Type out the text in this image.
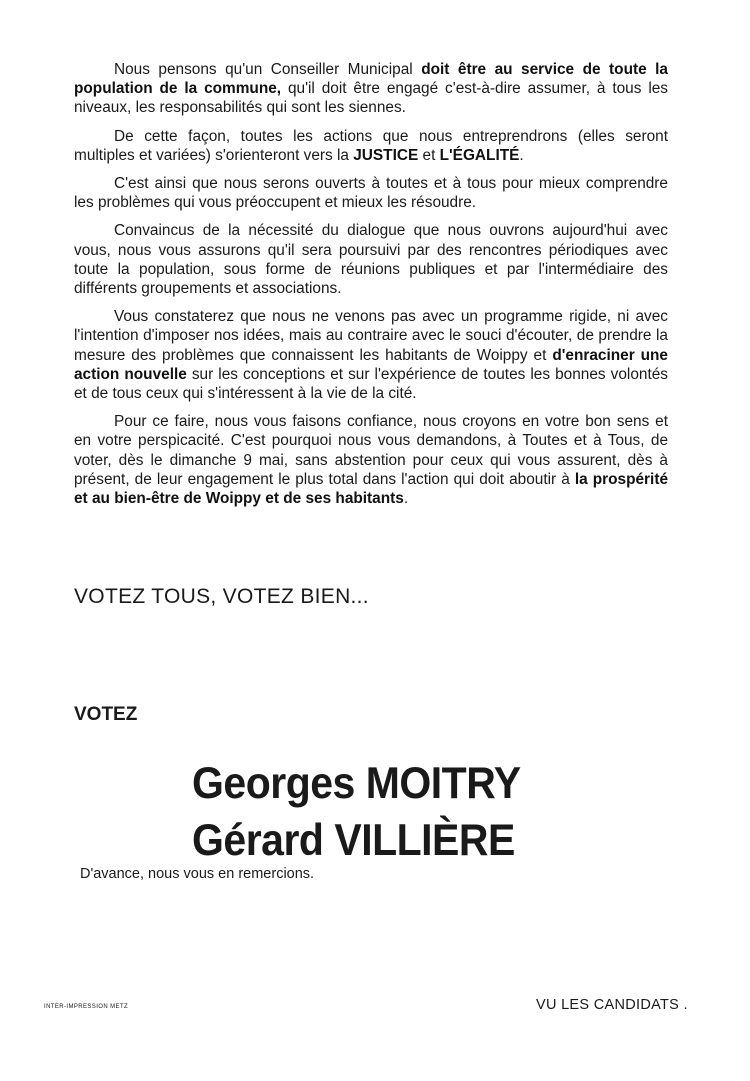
Nous pensons qu'un Conseiller Municipal doit être au service de toute la population de la commune, qu'il doit être engagé c'est-à-dire assumer, à tous les niveaux, les responsabilités qui sont les siennes.

De cette façon, toutes les actions que nous entreprendrons (elles seront multiples et variées) s'orienteront vers la JUSTICE et L'ÉGALITÉ.

C'est ainsi que nous serons ouverts à toutes et à tous pour mieux comprendre les problèmes qui vous préoccupent et mieux les résoudre.

Convaincus de la nécessité du dialogue que nous ouvrons aujourd'hui avec vous, nous vous assurons qu'il sera poursuivi par des rencontres périodiques avec toute la population, sous forme de réunions publiques et par l'intermédiaire des différents groupements et associations.

Vous constaterez que nous ne venons pas avec un programme rigide, ni avec l'intention d'imposer nos idées, mais au contraire avec le souci d'écouter, de prendre la mesure des problèmes que connaissent les habitants de Woippy et d'enraciner une action nouvelle sur les conceptions et sur l'expérience de toutes les bonnes volontés et de tous ceux qui s'intéressent à la vie de la cité.

Pour ce faire, nous vous faisons confiance, nous croyons en votre bon sens et en votre perspicacité. C'est pourquoi nous vous demandons, à Toutes et à Tous, de voter, dès le dimanche 9 mai, sans abstention pour ceux qui vous assurent, dès à présent, de leur engagement le plus total dans l'action qui doit aboutir à la prospérité et au bien-être de Woippy et de ses habitants.

VOTEZ TOUS, VOTEZ BIEN...

VOTEZ

Georges MOITRY

Gérard VILLIÈRE

D'avance, nous vous en remercions.

INTER-IMPRESSION METZ	VU LES CANDIDATS .
